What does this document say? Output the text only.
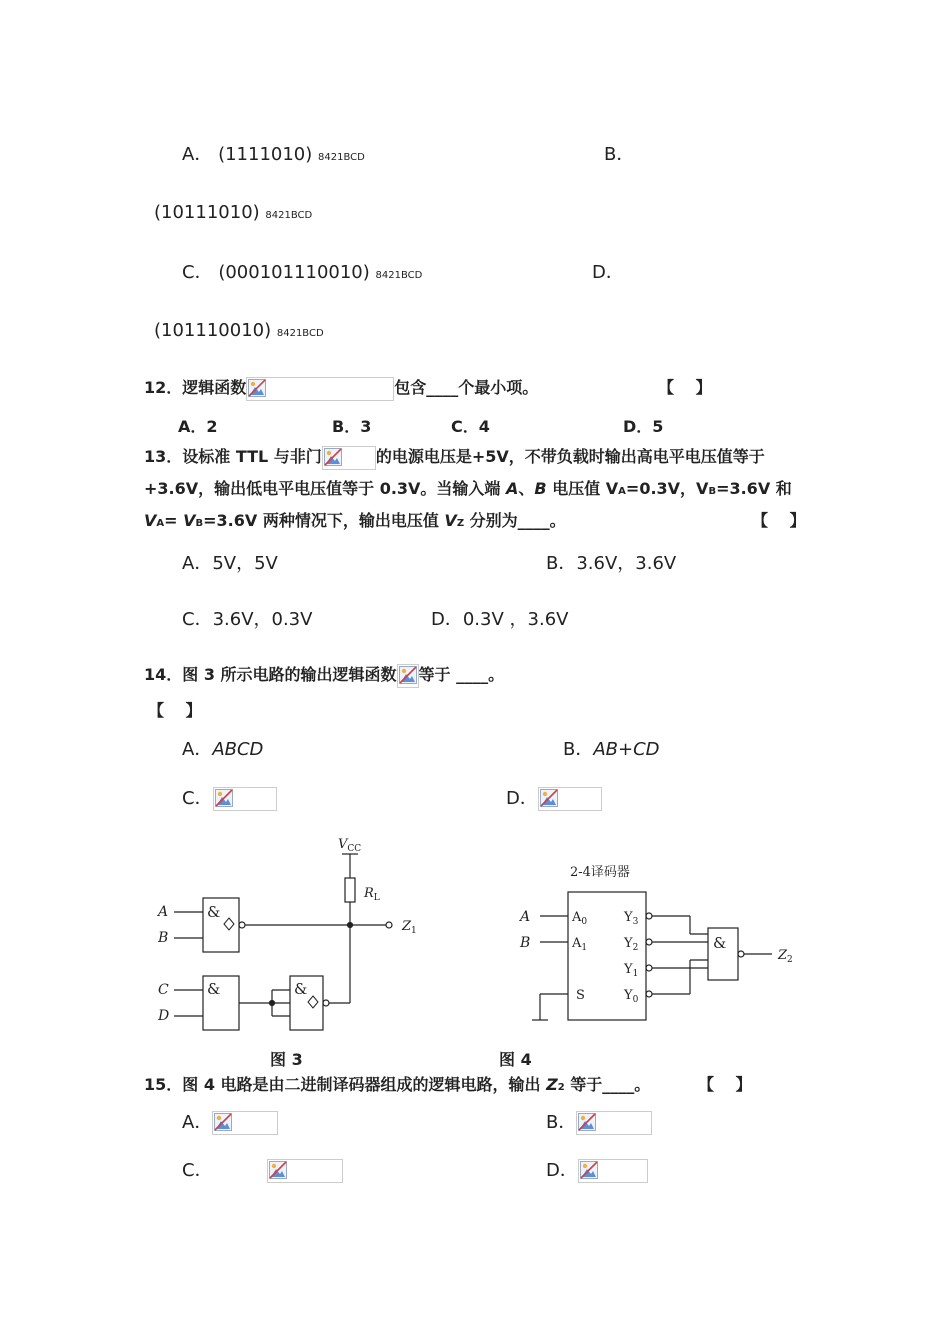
A． (1111010) 8421BCD	B．
(10111010) 8421BCD
C． (000101110010) 8421BCD	D．
(101110010) 8421BCD
12．逻辑函数	包含____个最小项。	【　 】
A．2	B．3	C．4	D．5
13．设标准 TTL 与非门	的电源电压是+5V，不带负载时输出高电平电压值等于
+3.6V，输出低电平电压值等于 0.3V。当输入端 A、B 电压值 VA=0.3V，VB=3.6V 和
VA= VB=3.6V 两种情况下，输出电压值 VZ 分别为____。	【　 】
A．5V，5V	B．3.6V，3.6V
C．3.6V，0.3V	D．0.3V ，3.6V
14．图 3 所示电路的输出逻辑函数 等于 ____。
【　 】
A．ABCD	B．AB+CD
C．	D．
$V_{CC}$
$R_L$
&
$Z_1$
A
B
&
C
D
&
2-4译码器
A
B
$A_0$
$A_1$
S
$Y_3$
$Y_2$
$Y_1$
$Y_0$
&
$Z_2$
图 3	图 4
15．图 4 电路是由二进制译码器组成的逻辑电路，输出 Z2 等于____。	【　 】
A．	B．
C．	D．
